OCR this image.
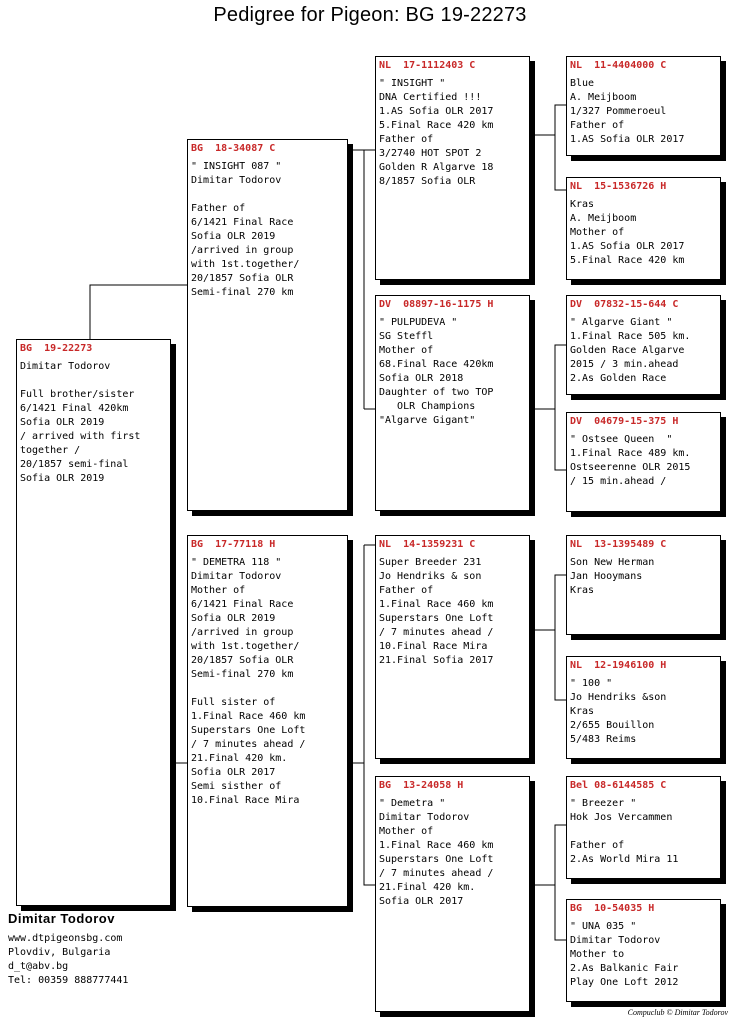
Pedigree for Pigeon: BG 19-22273
BG  19-22273
Dimitar Todorov

Full brother/sister
6/1421 Final 420km
Sofia OLR 2019
/ arrived with first
together /
20/1857 semi-final
Sofia OLR 2019
BG  18-34087 C
" INSIGHT 087 "
Dimitar Todorov

Father of
6/1421 Final Race
Sofia OLR 2019
/arrived in group
with 1st.together/
20/1857 Sofia OLR
Semi-final 270 km
BG  17-77118 H
" DEMETRA 118 "
Dimitar Todorov
Mother of
6/1421 Final Race
Sofia OLR 2019
/arrived in group
with 1st.together/
20/1857 Sofia OLR
Semi-final 270 km

Full sister of
1.Final Race 460 km
Superstars One Loft
/ 7 minutes ahead /
21.Final 420 km.
Sofia OLR 2017
Semi sisther of
10.Final Race Mira
NL  17-1112403 C
" INSIGHT "
DNA Certified !!!
1.AS Sofia OLR 2017
5.Final Race 420 km
Father of
3/2740 HOT SPOT 2
Golden R Algarve 18
8/1857 Sofia OLR
DV  08897-16-1175 H
" PULPUDEVA "
SG Steffl
Mother of
68.Final Race 420km
Sofia OLR 2018
Daughter of two TOP
OLR Champions
"Algarve Gigant"
NL  14-1359231 C
Super Breeder 231
Jo Hendriks & son
Father of
1.Final Race 460 km
Superstars One Loft
/ 7 minutes ahead /
10.Final Race Mira
21.Final Sofia 2017
BG  13-24058 H
" Demetra "
Dimitar Todorov
Mother of
1.Final Race 460 km
Superstars One Loft
/ 7 minutes ahead /
21.Final 420 km.
Sofia OLR 2017
NL  11-4404000 C
Blue
A. Meijboom
1/327 Pommeroeul
Father of
1.AS Sofia OLR 2017
NL  15-1536726 H
Kras
A. Meijboom
Mother of
1.AS Sofia OLR 2017
5.Final Race 420 km
DV  07832-15-644 C
" Algarve Giant "
1.Final Race 505 km.
Golden Race Algarve
2015 / 3 min.ahead
2.As Golden Race
DV  04679-15-375 H
" Ostsee Queen  "
1.Final Race 489 km.
Ostseerenne OLR 2015
/ 15 min.ahead /
NL  13-1395489 C
Son New Herman
Jan Hooymans
Kras
NL  12-1946100 H
" 100 "
Jo Hendriks &son
Kras
2/655 Bouillon
5/483 Reims
Bel 08-6144585 C
" Breezer "
Hok Jos Vercammen

Father of
2.As World Mira 11
BG  10-54035 H
" UNA 035 "
Dimitar Todorov
Mother to
2.As Balkanic Fair
Play One Loft 2012
Dimitar Todorov
www.dtpigeonsbg.com
Plovdiv, Bulgaria
d_t@abv.bg
Tel: 00359 888777441
Compuclub © Dimitar Todorov
